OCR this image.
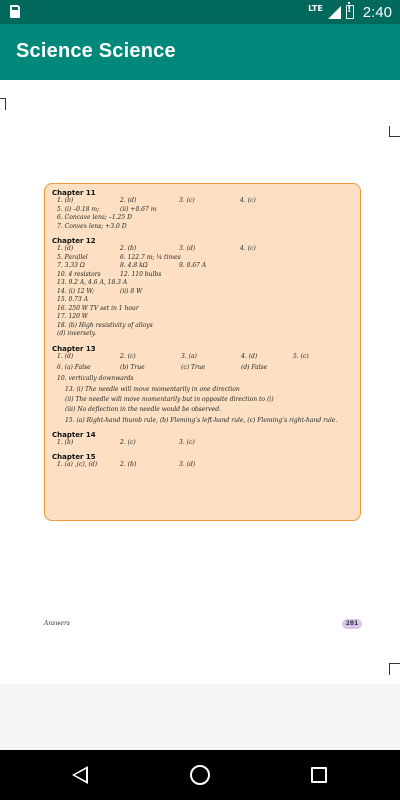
LTE
!	2:40
Science Science
Chapter 11
1. (b)	2. (d)	3. (c)	4. (c)
5. (i) –0.18 m;	(ii) +0.67 m
6. Concave lens; –1.25 D
7. Convex lens; +3.0 D
Chapter 12
1. (d)	2. (b)	3. (d)	4. (c)
5. Parallel	6. 122.7 m; ¼ times
7. 3.33 Ω	8. 4.8 kΩ	9. 0.67 A
10. 4 resistors	12. 110 bulbs
13. 9.2 A, 4.6 A, 18.3 A
14. (i) 12 W;	(ii) 8 W
15. 0.73 A
16. 250 W TV set in 1 hour
17. 120 W
18. (b) High resistivity of alloys
(d) inversely.
Chapter 13
1. (d)	2. (c)	3. (a)	4. (d)	5. (c)
6. (a) False	(b) True	(c) True	(d) False
10. vertically downwards
13. (i) The needle will move momentarily in one direction
(ii) The needle will move momentarily but in opposite direction to (i)
(iii) No deflection in the needle would be observed.
15. (a) Right-hand thumb rule, (b) Fleming’s left-hand rule, (c) Fleming’s right-hand rule.
Chapter 14
1. (b)	2. (c)	3. (c)
Chapter 15
1. (a) ,(c), (d)	2. (b)	3. (d)
Answers	281
